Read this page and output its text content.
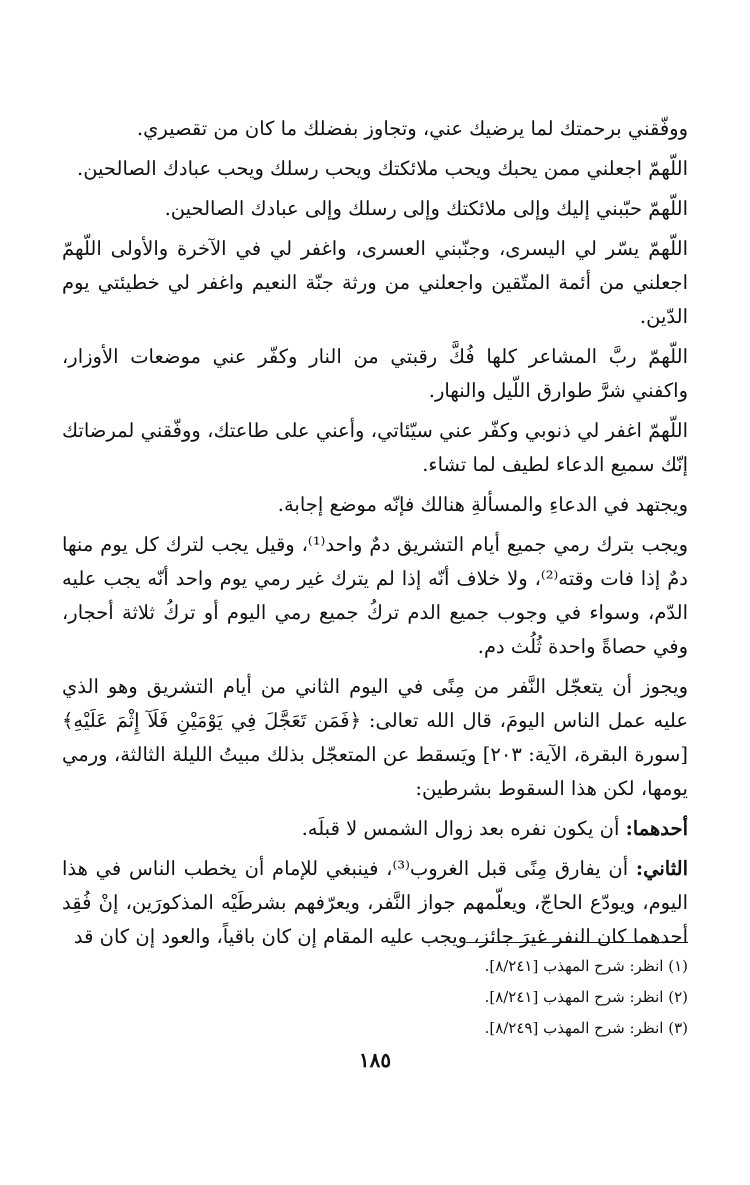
ووفّقني برحمتك لما يرضيك عني، وتجاوز بفضلك ما كان من تقصيري.

اللّهمّ اجعلني ممن يحبك ويحب ملائكتك ويحب رسلك ويحب عبادك الصالحين.

اللّهمّ حبّبني إليك وإلى ملائكتك وإلى رسلك وإلى عبادك الصالحين.

اللّهمّ يسّر لي اليسرى، وجنّبني العسرى، واغفر لي في الآخرة والأولى اللّهمّ اجعلني من أئمة المتّقين واجعلني من ورثة جنّة النعيم واغفر لي خطيئتي يوم الدّين.

اللّهمّ ربَّ المشاعر كلها فُكَّ رقبتي من النار وكفّر عني موضعات الأوزار، واكفني شرَّ طوارق اللّيل والنهار.

اللّهمّ اغفر لي ذنوبي وكفّر عني سيّئاتي، وأعني على طاعتك، ووفّقني لمرضاتك إنّك سميع الدعاء لطيف لما تشاء.

ويجتهد في الدعاءِ والمسألةِ هنالك فإنّه موضع إجابة.

ويجب بترك رمي جميع أيام التشريق دمٌ واحد⁽¹⁾، وقيل يجب لترك كل يوم منها دمٌ إذا فات وقته⁽²⁾، ولا خلاف أنّه إذا لم يترك غير رمي يوم واحد أنّه يجب عليه الدّم، وسواء في وجوب جميع الدم تركُ جميع رمي اليوم أو تركُ ثلاثة أحجار، وفي حصاةً واحدة ثُلُث دم.

ويجوز أن يتعجّل النَّفر من مِنًى في اليوم الثاني من أيام التشريق وهو الذي عليه عمل الناس اليومَ، قال الله تعالى: ﴿فَمَن تَعَجَّلَ فِي يَوْمَيْنِ فَلَآ إِثْمَ عَلَيْهِ﴾ [سورة البقرة، الآية: ٢٠٣] ويَسقط عن المتعجّل بذلك مبيتُ الليلة الثالثة، ورمي يومها، لكن هذا السقوط بشرطين:

أحدهما: أن يكون نفره بعد زوال الشمس لا قبلَه.

الثاني: أن يفارق مِنًى قبل الغروب⁽³⁾، فينبغي للإمام أن يخطب الناس في هذا اليوم، ويودّع الحاجّ، ويعلّمهم جواز النَّفر، ويعرّفهم بشرطَيْه المذكورَين، إنْ فُقِد أحدهما كان النفر غيرَ جائز، ويجب عليه المقام إن كان باقياً، والعود إن كان قد

(١) انظر: شرح المهذب [٨/٢٤١].

(٢) انظر: شرح المهذب [٨/٢٤١].

(٣) انظر: شرح المهذب [٨/٢٤٩].

١٨٥
